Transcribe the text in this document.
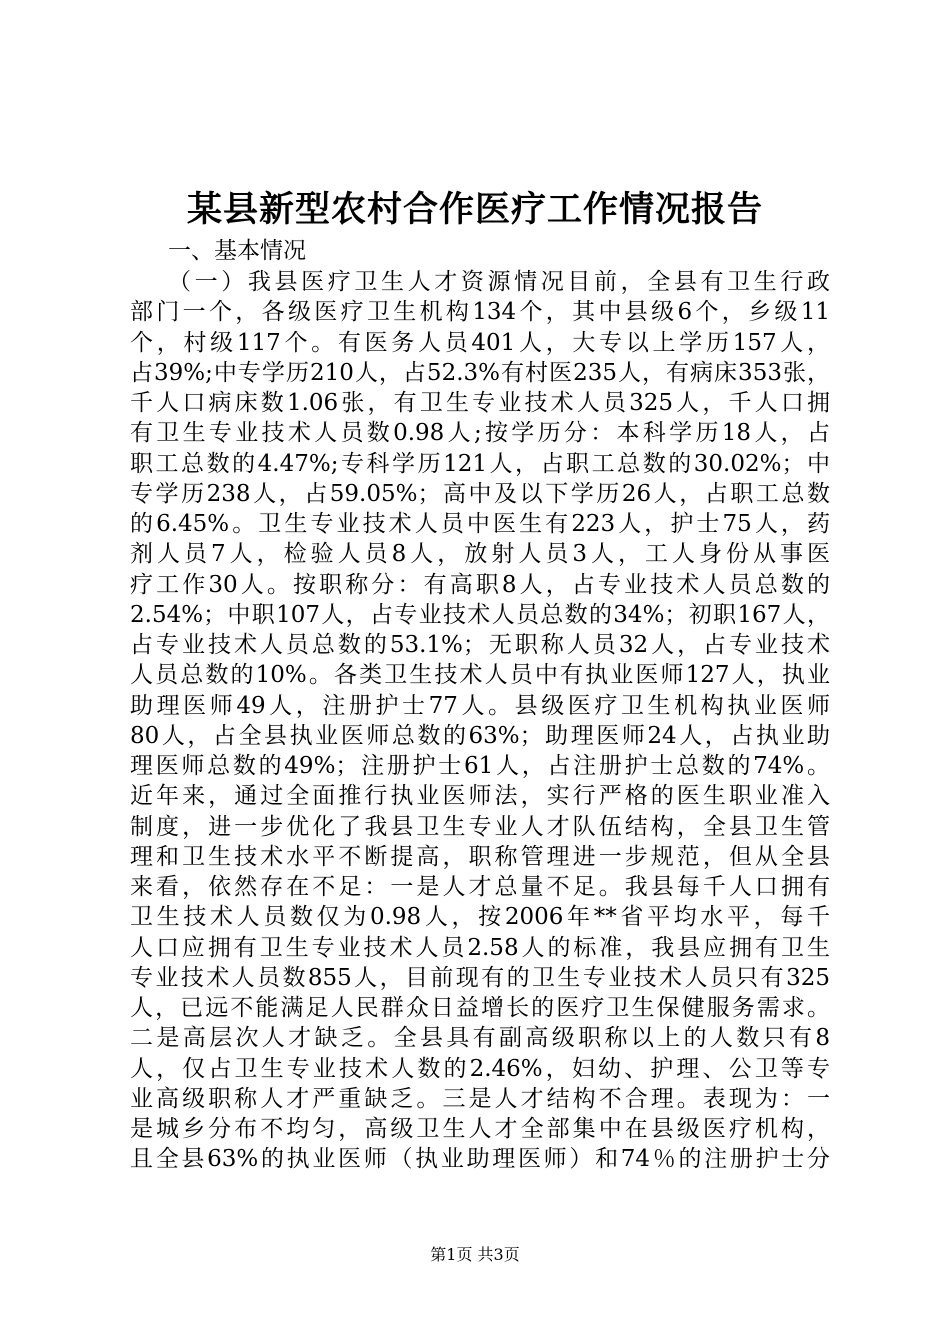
某县新型农村合作医疗工作情况报告
一、基本情况
（一）我县医疗卫生人才资源情况目前，全县有卫生行政
部门一个，各级医疗卫生机构134个，其中县级6个，乡级11
个，村级117个。有医务人员401人，大专以上学历157人，
占39%;中专学历210人，占52.3%有村医235人，有病床353张，
千人口病床数1.06张，有卫生专业技术人员325人，千人口拥
有卫生专业技术人员数0.98人;按学历分：本科学历18人，占
职工总数的4.47%;专科学历121人，占职工总数的30.02%；中
专学历238人，占59.05%；高中及以下学历26人，占职工总数
的6.45%。卫生专业技术人员中医生有223人，护士75人，药
剂人员7人，检验人员8人，放射人员3人，工人身份从事医
疗工作30人。按职称分：有高职8人，占专业技术人员总数的
2.54%；中职107人，占专业技术人员总数的34%；初职167人，
占专业技术人员总数的53.1%；无职称人员32人，占专业技术
人员总数的10%。各类卫生技术人员中有执业医师127人，执业
助理医师49人，注册护士77人。县级医疗卫生机构执业医师
80人，占全县执业医师总数的63%；助理医师24人，占执业助
理医师总数的49%；注册护士61人，占注册护士总数的74%。
近年来，通过全面推行执业医师法，实行严格的医生职业准入
制度，进一步优化了我县卫生专业人才队伍结构，全县卫生管
理和卫生技术水平不断提高，职称管理进一步规范，但从全县
来看，依然存在不足：一是人才总量不足。我县每千人口拥有
卫生技术人员数仅为0.98人，按2006年**省平均水平，每千
人口应拥有卫生专业技术人员2.58人的标准，我县应拥有卫生
专业技术人员数855人，目前现有的卫生专业技术人员只有325
人，已远不能满足人民群众日益增长的医疗卫生保健服务需求。
二是高层次人才缺乏。全县具有副高级职称以上的人数只有8
人，仅占卫生专业技术人数的2.46%，妇幼、护理、公卫等专
业高级职称人才严重缺乏。三是人才结构不合理。表现为：一
是城乡分布不均匀，高级卫生人才全部集中在县级医疗机构，
且全县63%的执业医师（执业助理医师）和74％的注册护士分
第1页 共3页
